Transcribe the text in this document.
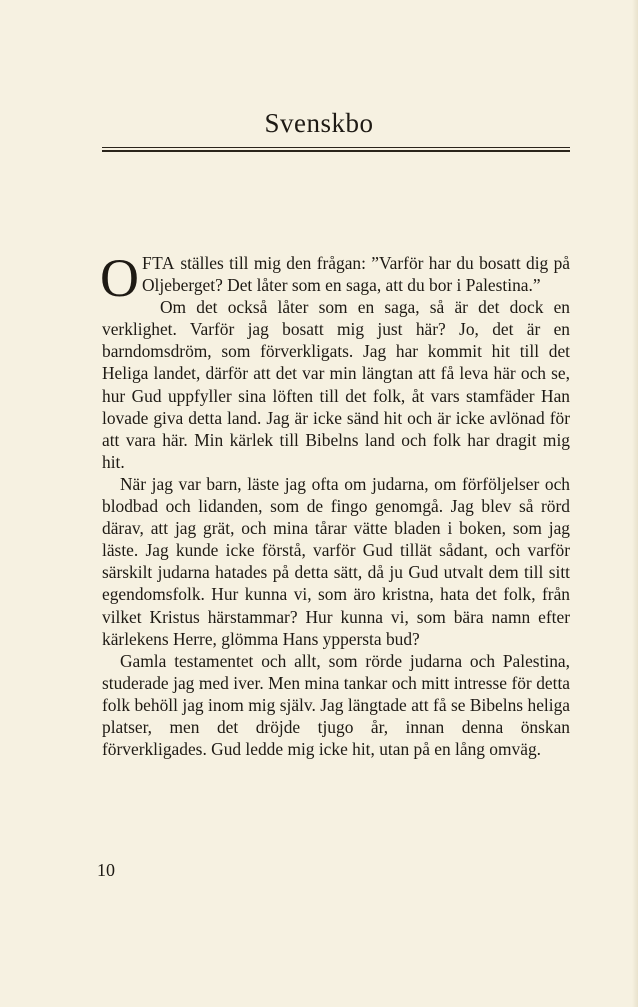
Svenskbo

OFTA ställes till mig den frågan: ”Varför har du bosatt dig på Oljeberget? Det låter som en saga, att du bor i Palestina.”

Om det också låter som en saga, så är det dock en verklighet. Varför jag bosatt mig just här? Jo, det är en barndomsdröm, som förverkligats. Jag har kommit hit till det Heliga landet, därför att det var min längtan att få leva här och se, hur Gud uppfyller sina löften till det folk, åt vars stamfäder Han lovade giva detta land. Jag är icke sänd hit och är icke avlönad för att vara här. Min kärlek till Bibelns land och folk har dragit mig hit.

När jag var barn, läste jag ofta om judarna, om förföljelser och blodbad och lidanden, som de fingo genomgå. Jag blev så rörd därav, att jag grät, och mina tårar vätte bladen i boken, som jag läste. Jag kunde icke förstå, varför Gud tillät sådant, och varför särskilt judarna hatades på detta sätt, då ju Gud utvalt dem till sitt egendomsfolk. Hur kunna vi, som äro kristna, hata det folk, från vilket Kristus härstammar? Hur kunna vi, som bära namn efter kärlekens Herre, glömma Hans yppersta bud?

Gamla testamentet och allt, som rörde judarna och Palestina, studerade jag med iver. Men mina tankar och mitt intresse för detta folk behöll jag inom mig själv. Jag längtade att få se Bibelns heliga platser, men det dröjde tjugo år, innan denna önskan förverkligades. Gud ledde mig icke hit, utan på en lång omväg.

10
